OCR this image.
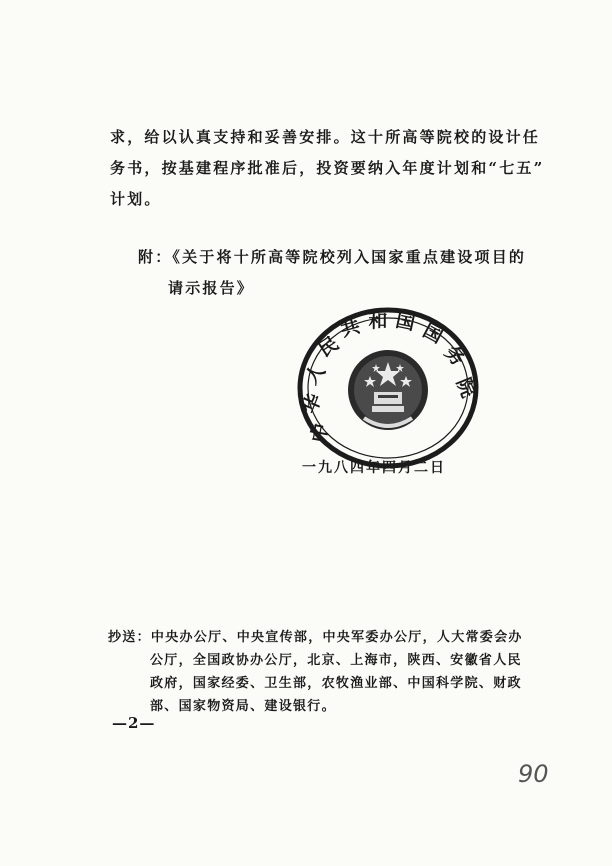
求，给以认真支持和妥善安排。这十所高等院校的设计任
务书，按基建程序批准后，投资要纳入年度计划和“七五”
计划。
附：《关于将十所高等院校列入国家重点建设项目的
请示报告》
中
华
人
民
共 和 国 国
务
院
一九八四年四月二日
抄送：中央办公厅、中央宣传部，中央军委办公厅，人大常委会办
公厅，全国政协办公厅，北京、上海市，陕西、安徽省人民
政府，国家经委、卫生部，农牧渔业部、中国科学院、财政
部、国家物资局、建设银行。
—2—
90
